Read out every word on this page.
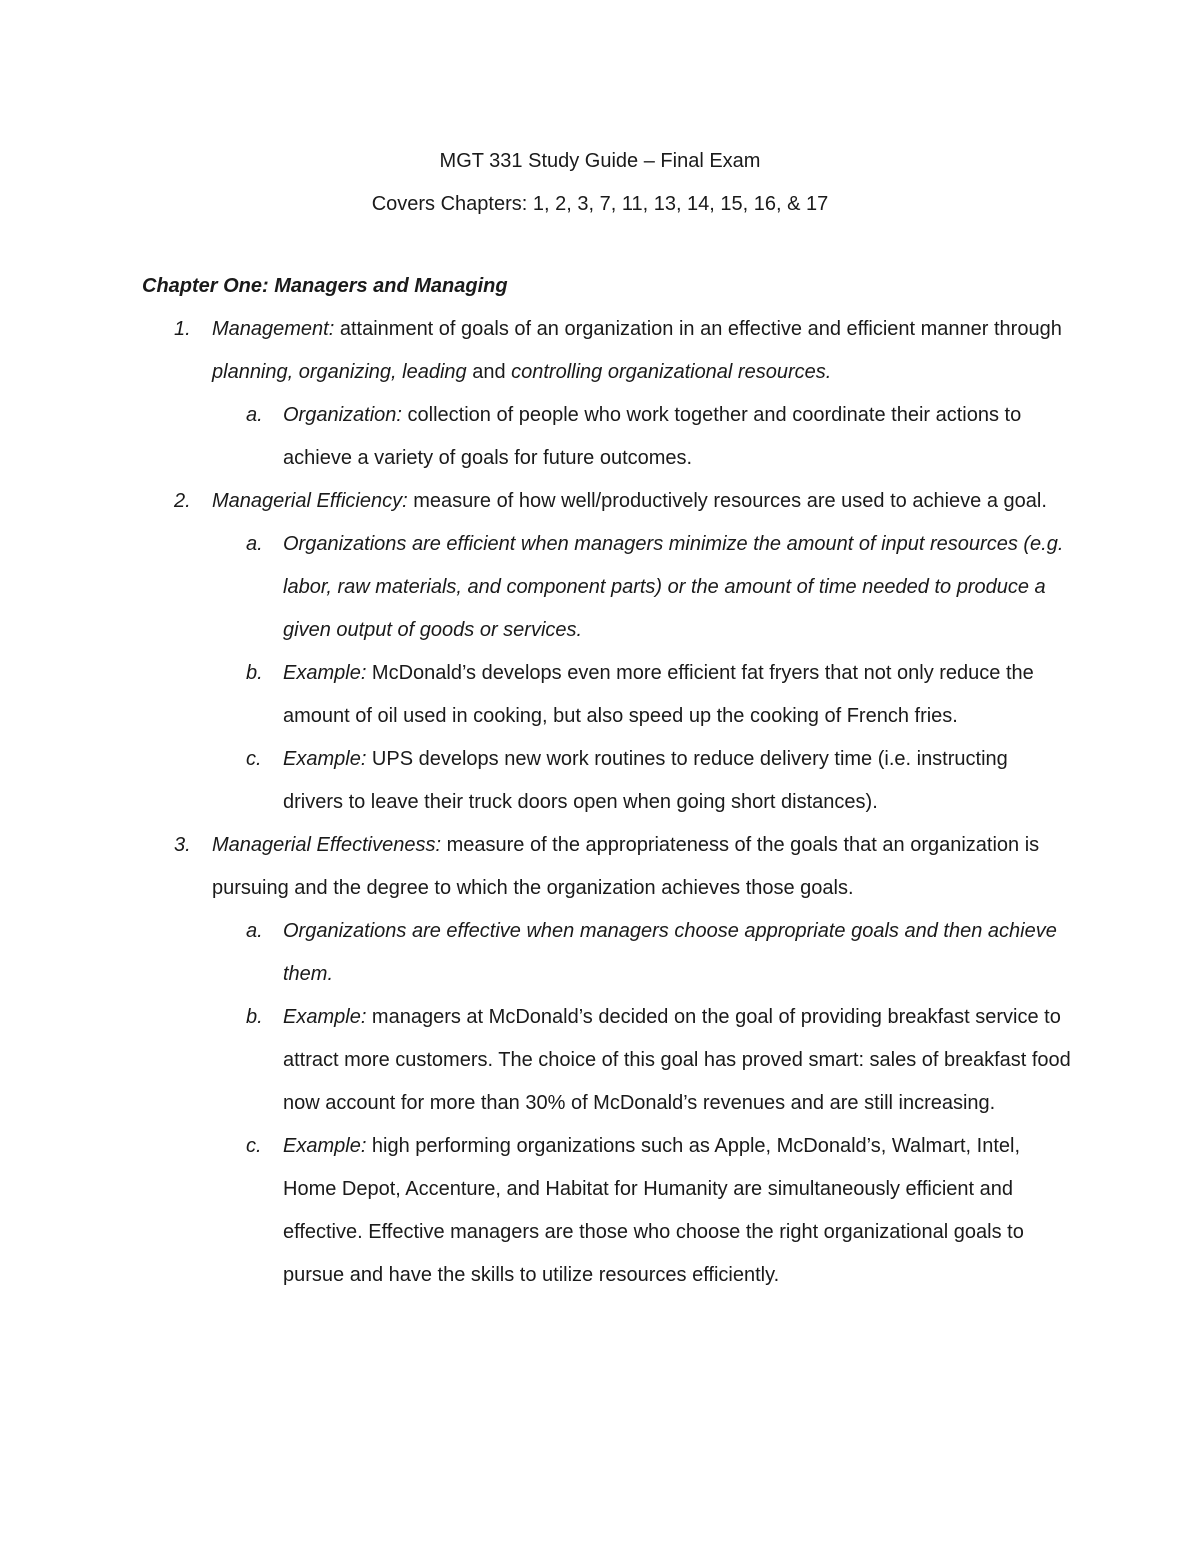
MGT 331 Study Guide – Final Exam
Covers Chapters: 1, 2, 3, 7, 11, 13, 14, 15, 16, & 17
Chapter One: Managers and Managing
1. Management: attainment of goals of an organization in an effective and efficient manner through planning, organizing, leading and controlling organizational resources.
a. Organization: collection of people who work together and coordinate their actions to achieve a variety of goals for future outcomes.
2. Managerial Efficiency: measure of how well/productively resources are used to achieve a goal.
a. Organizations are efficient when managers minimize the amount of input resources (e.g. labor, raw materials, and component parts) or the amount of time needed to produce a given output of goods or services.
b. Example: McDonald’s develops even more efficient fat fryers that not only reduce the amount of oil used in cooking, but also speed up the cooking of French fries.
c. Example: UPS develops new work routines to reduce delivery time (i.e. instructing drivers to leave their truck doors open when going short distances).
3. Managerial Effectiveness: measure of the appropriateness of the goals that an organization is pursuing and the degree to which the organization achieves those goals.
a. Organizations are effective when managers choose appropriate goals and then achieve them.
b. Example: managers at McDonald’s decided on the goal of providing breakfast service to attract more customers. The choice of this goal has proved smart: sales of breakfast food now account for more than 30% of McDonald’s revenues and are still increasing.
c. Example: high performing organizations such as Apple, McDonald’s, Walmart, Intel, Home Depot, Accenture, and Habitat for Humanity are simultaneously efficient and effective. Effective managers are those who choose the right organizational goals to pursue and have the skills to utilize resources efficiently.
